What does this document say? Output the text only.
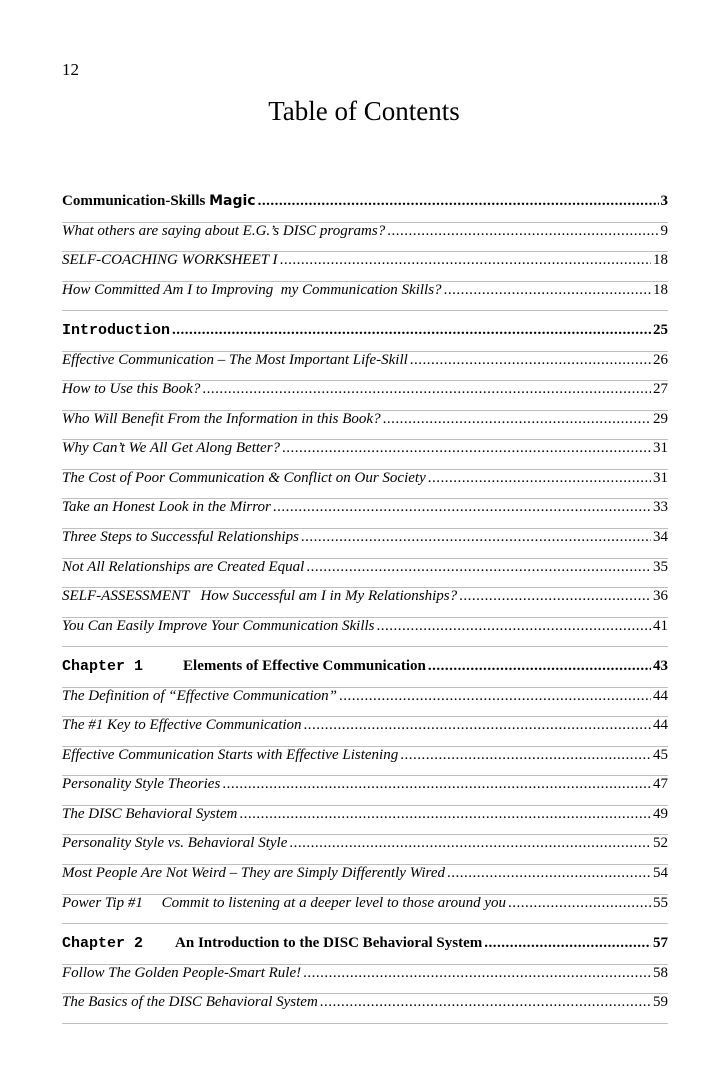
12
Table of Contents
Communication-Skills Magic .....	3
What others are saying about E.G.’s DISC programs? .....	9
SELF-COACHING WORKSHEET I .....	18
How Committed Am I to Improving  my Communication Skills? .....	18
Introduction .....	25
Effective Communication – The Most Important Life-Skill .....	26
How to Use this Book? .....	27
Who Will Benefit From the Information in this Book? .....	29
Why Can’t We All Get Along Better? .....	31
The Cost of Poor Communication & Conflict on Our Society .....	31
Take an Honest Look in the Mirror .....	33
Three Steps to Successful Relationships .....	34
Not All Relationships are Created Equal .....	35
SELF-ASSESSMENT   How Successful am I in My Relationships? .....	36
You Can Easily Improve Your Communication Skills .....	41
Chapter 1	Elements of Effective Communication .....	43
The Definition of “Effective Communication” .....	44
The #1 Key to Effective Communication .....	44
Effective Communication Starts with Effective Listening .....	45
Personality Style Theories .....	47
The DISC Behavioral System .....	49
Personality Style vs. Behavioral Style .....	52
Most People Are Not Weird – They are Simply Differently Wired .....	54
Power Tip #1     Commit to listening at a deeper level to those around you .....	55
Chapter 2 An Introduction to the DISC Behavioral System .....	57
Follow The Golden People-Smart Rule! .....	58
The Basics of the DISC Behavioral System .....	59
